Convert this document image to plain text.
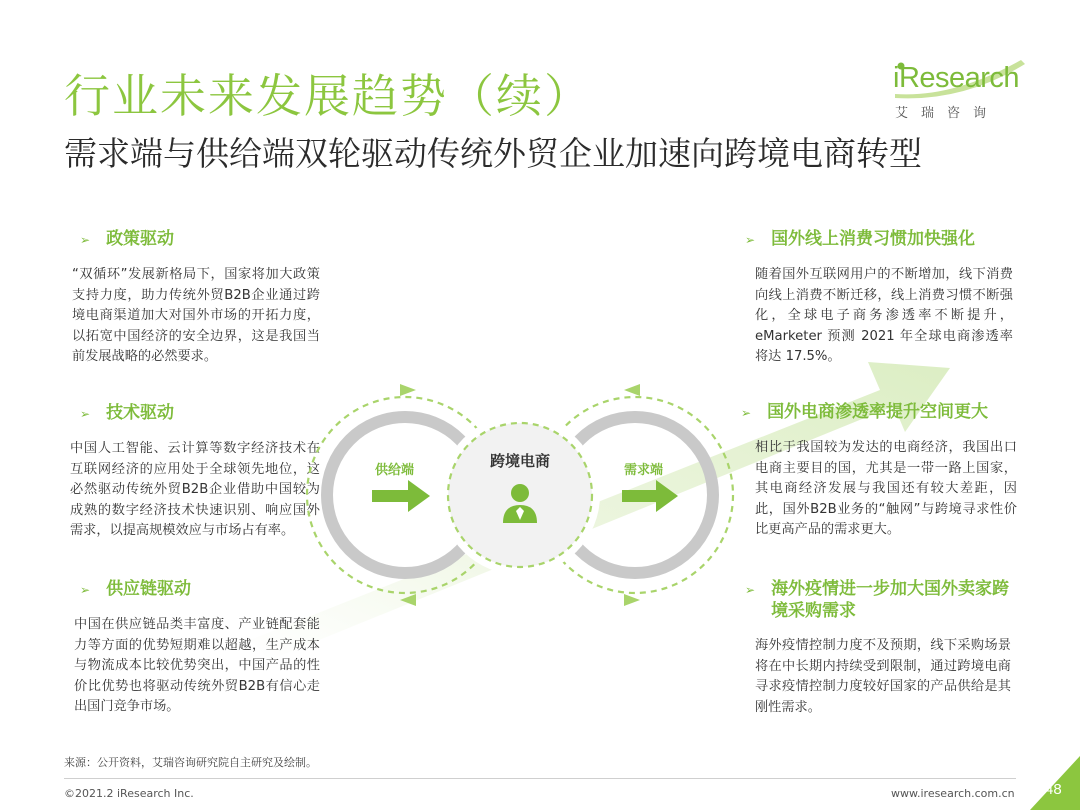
行业未来发展趋势（续）
需求端与供给端双轮驱动传统外贸企业加速向跨境电商转型
iResearch
艾瑞咨询
➢ 政策驱动
“双循环”发展新格局下，国家将加大政策支持力度，助力传统外贸B2B企业通过跨境电商渠道加大对国外市场的开拓力度，以拓宽中国经济的安全边界，这是我国当前发展战略的必然要求。
➢ 技术驱动
中国人工智能、云计算等数字经济技术在互联网经济的应用处于全球领先地位，这必然驱动传统外贸B2B企业借助中国较为成熟的数字经济技术快速识别、响应国外需求，以提高规模效应与市场占有率。
➢ 供应链驱动
中国在供应链品类丰富度、产业链配套能力等方面的优势短期难以超越，生产成本与物流成本比较优势突出，中国产品的性价比优势也将驱动传统外贸B2B有信心走出国门竞争市场。
➢ 国外线上消费习惯加快强化
随着国外互联网用户的不断增加，线下消费向线上消费不断迁移，线上消费习惯不断强化，全球电子商务渗透率不断提升，eMarketer 预测 2021 年全球电商渗透率将达 17.5%。
➢ 国外电商渗透率提升空间更大
相比于我国较为发达的电商经济，我国出口电商主要目的国，尤其是一带一路上国家，其电商经济发展与我国还有较大差距，因此，国外B2B业务的“触网”与跨境寻求性价比更高产品的需求更大。
➢ 海外疫情进一步加大国外卖家跨境采购需求
海外疫情控制力度不及预期，线下采购场景将在中长期内持续受到限制，通过跨境电商寻求疫情控制力度较好国家的产品供给是其刚性需求。
跨境电商
供给端	需求端
来源：公开资料，艾瑞咨询研究院自主研究及绘制。
©2021.2 iResearch Inc.	www.iresearch.com.cn 48
